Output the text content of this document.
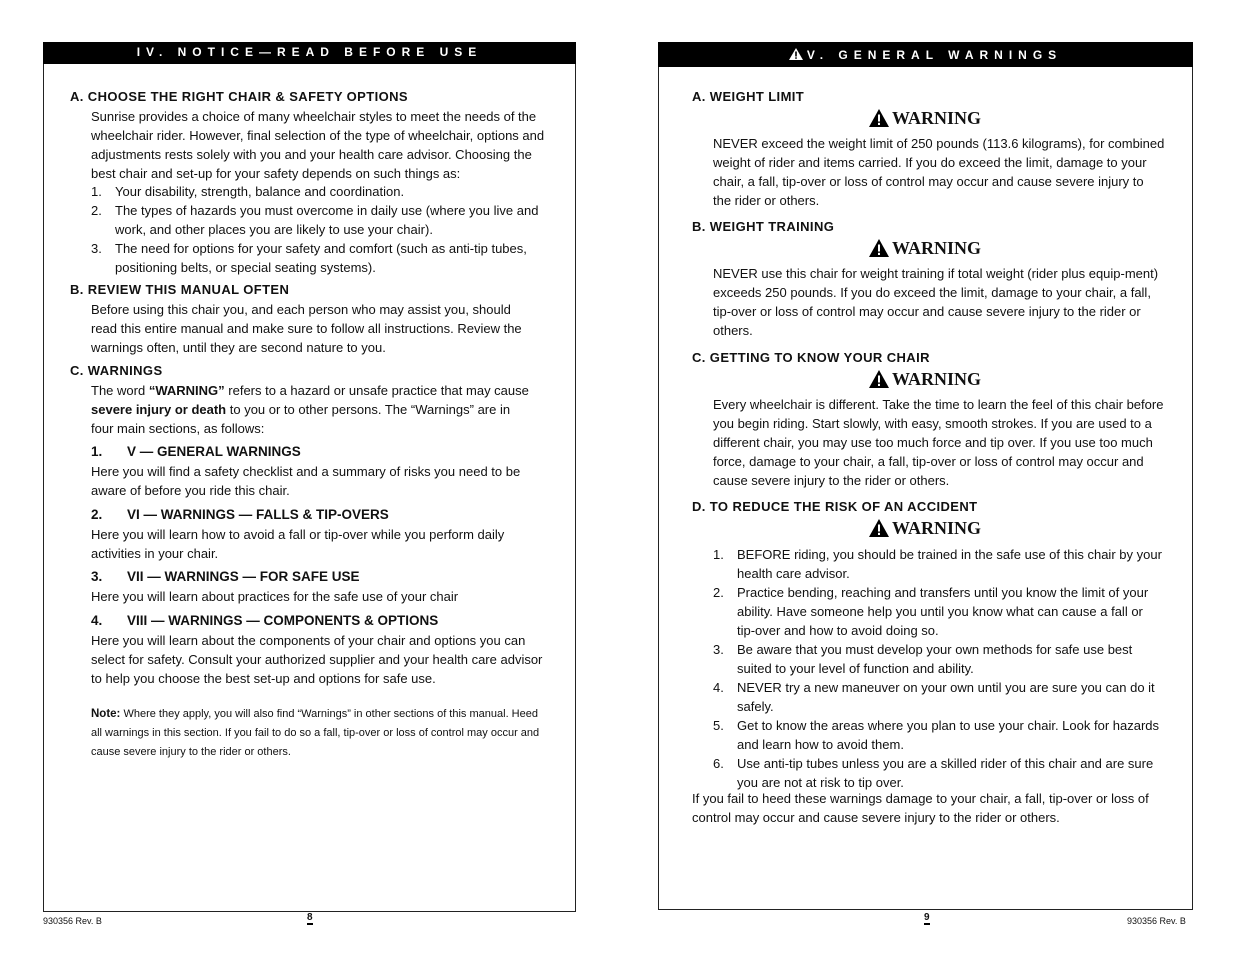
IV. NOTICE—READ BEFORE USE
A. CHOOSE THE RIGHT CHAIR & SAFETY OPTIONS
Sunrise provides a choice of many wheelchair styles to meet the needs of the wheelchair rider. However, final selection of the type of wheelchair, options and adjustments rests solely with you and your health care advisor. Choosing the best chair and set-up for your safety depends on such things as:
1. Your disability, strength, balance and coordination.
2. The types of hazards you must overcome in daily use (where you live and work, and other places you are likely to use your chair).
3. The need for options for your safety and comfort (such as anti-tip tubes, positioning belts, or special seating systems).
B. REVIEW THIS MANUAL OFTEN
Before using this chair you, and each person who may assist you, should read this entire manual and make sure to follow all instructions. Review the warnings often, until they are second nature to you.
C. WARNINGS
The word “WARNING” refers to a hazard or unsafe practice that may cause severe injury or death to you or to other persons. The “Warnings” are in four main sections, as follows:
1. V — GENERAL WARNINGS
Here you will find a safety checklist and a summary of risks you need to be aware of before you ride this chair.
2. VI — WARNINGS — FALLS & TIP-OVERS
Here you will learn how to avoid a fall or tip-over while you perform daily activities in your chair.
3. VII — WARNINGS — FOR SAFE USE
Here you will learn about practices for the safe use of your chair
4. VIII — WARNINGS — COMPONENTS & OPTIONS
Here you will learn about the components of your chair and options you can select for safety. Consult your authorized supplier and your health care advisor to help you choose the best set-up and options for safe use.
Note: Where they apply, you will also find “Warnings” in other sections of this manual. Heed all warnings in this section. If you fail to do so a fall, tip-over or loss of control may occur and cause severe injury to the rider or others.
930356 Rev. B	8
V. GENERAL WARNINGS
A. WEIGHT LIMIT
WARNING
NEVER exceed the weight limit of 250 pounds (113.6 kilograms), for combined weight of rider and items carried. If you do exceed the limit, damage to your chair, a fall, tip-over or loss of control may occur and cause severe injury to the rider or others.
B. WEIGHT TRAINING
WARNING
NEVER use this chair for weight training if total weight (rider plus equip-ment) exceeds 250 pounds. If you do exceed the limit, damage to your chair, a fall, tip-over or loss of control may occur and cause severe injury to the rider or others.
C. GETTING TO KNOW YOUR CHAIR
WARNING
Every wheelchair is different. Take the time to learn the feel of this chair before you begin riding. Start slowly, with easy, smooth strokes. If you are used to a different chair, you may use too much force and tip over. If you use too much force, damage to your chair, a fall, tip-over or loss of control may occur and cause severe injury to the rider or others.
D. TO REDUCE THE RISK OF AN ACCIDENT
WARNING
1. BEFORE riding, you should be trained in the safe use of this chair by your health care advisor.
2. Practice bending, reaching and transfers until you know the limit of your ability. Have someone help you until you know what can cause a fall or tip-over and how to avoid doing so.
3. Be aware that you must develop your own methods for safe use best suited to your level of function and ability.
4. NEVER try a new maneuver on your own until you are sure you can do it safely.
5. Get to know the areas where you plan to use your chair. Look for hazards and learn how to avoid them.
6. Use anti-tip tubes unless you are a skilled rider of this chair and are sure you are not at risk to tip over.
If you fail to heed these warnings damage to your chair, a fall, tip-over or loss of control may occur and cause severe injury to the rider or others.
9	930356 Rev. B
